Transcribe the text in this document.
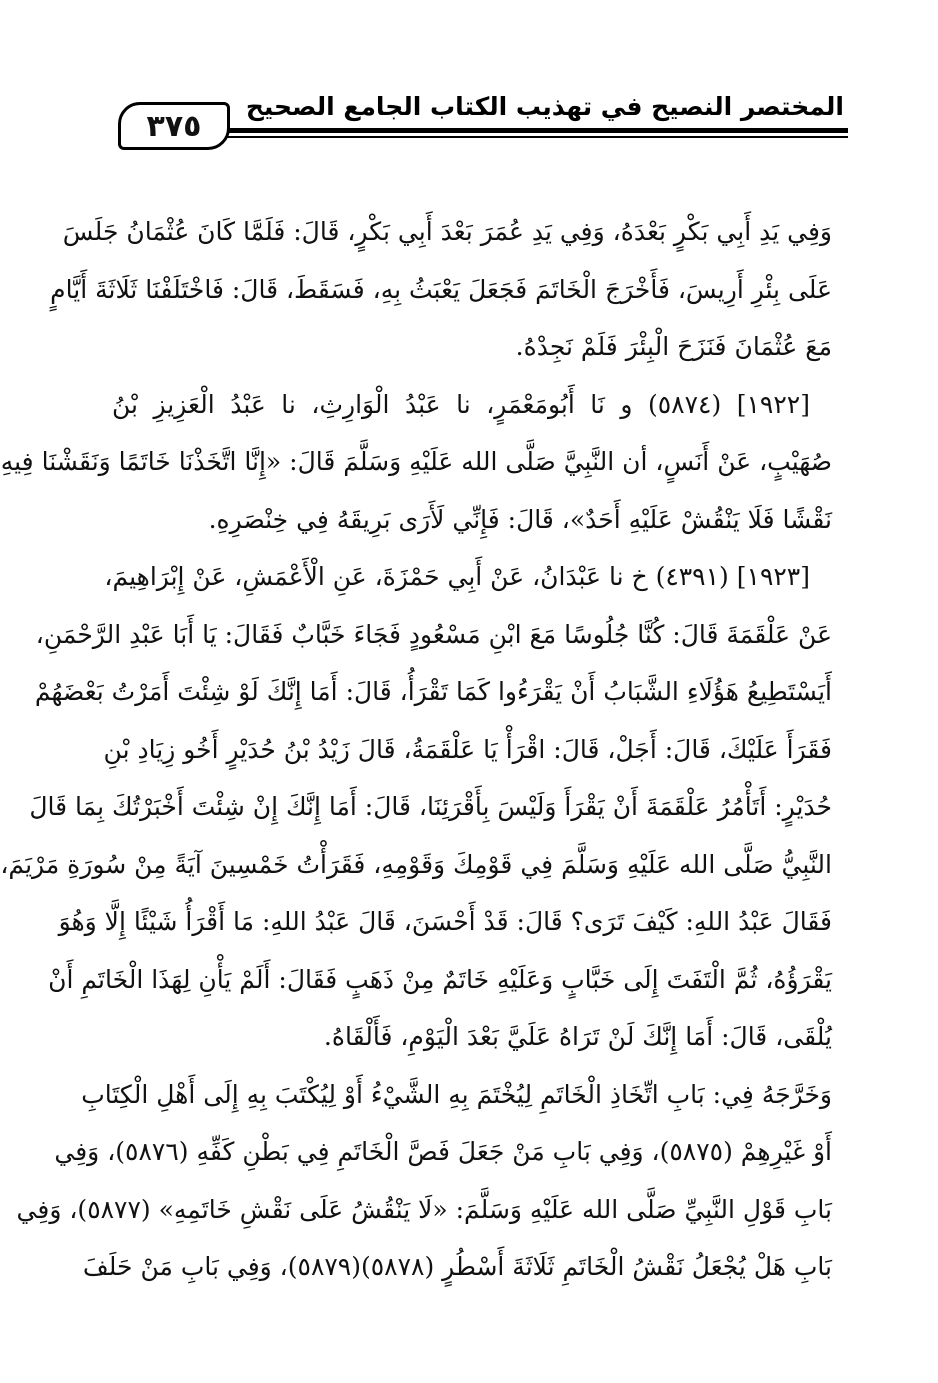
المختصر النصيح في تهذيب الكتاب الجامع الصحيح
٣٧٥
وَفِي يَدِ أَبِي بَكْرٍ بَعْدَهُ، وَفِي يَدِ عُمَرَ بَعْدَ أَبِي بَكْرٍ، قَالَ: فَلَمَّا كَانَ عُثْمَانُ جَلَسَ
عَلَى بِئْرِ أَرِيسَ، فَأَخْرَجَ الْخَاتَمَ فَجَعَلَ يَعْبَثُ بِهِ، فَسَقَطَ، قَالَ: فَاخْتَلَفْنَا ثَلَاثَةَ أَيَّامٍ
مَعَ عُثْمَانَ فَنَزَحَ الْبِئْرَ فَلَمْ نَجِدْهُ.
[١٩٢٢] (٥٨٧٤) و نَا أَبُومَعْمَرٍ، نا عَبْدُ الْوَارِثِ، نا عَبْدُ الْعَزِيزِ بْنُ
صُهَيْبٍ، عَنْ أَنَسٍ، أن النَّبِيَّ صَلَّى الله عَلَيْهِ وَسَلَّمَ قَالَ: «إِنَّا اتَّخَذْنَا خَاتَمًا وَنَقَشْنَا فِيهِ
نَقْشًا فَلَا يَنْقُشْ عَلَيْهِ أَحَدٌ»، قَالَ: فَإِنِّي لَأَرَى بَرِيقَهُ فِي خِنْصَرِهِ.
[١٩٢٣] (٤٣٩١) خ نا عَبْدَانُ، عَنْ أَبِي حَمْزَةَ، عَنِ الْأَعْمَشِ، عَنْ إِبْرَاهِيمَ،
عَنْ عَلْقَمَةَ قَالَ: كُنَّا جُلُوسًا مَعَ ابْنِ مَسْعُودٍ فَجَاءَ خَبَّابٌ فَقَالَ: يَا أَبَا عَبْدِ الرَّحْمَنِ،
أَيَسْتَطِيعُ هَؤُلَاءِ الشَّبَابُ أَنْ يَقْرَءُوا كَمَا تَقْرَأُ، قَالَ: أَمَا إِنَّكَ لَوْ شِئْتَ أَمَرْتُ بَعْضَهُمْ
فَقَرَأَ عَلَيْكَ، قَالَ: أَجَلْ، قَالَ: اقْرَأْ يَا عَلْقَمَةُ، قَالَ زَيْدُ بْنُ حُدَيْرٍ أَخُو زِيَادِ بْنِ
حُدَيْرٍ: أَتَأْمُرُ عَلْقَمَةَ أَنْ يَقْرَأَ وَلَيْسَ بِأَقْرَئِنَا، قَالَ: أَمَا إِنَّكَ إِنْ شِئْتَ أَخْبَرْتُكَ بِمَا قَالَ
النَّبِيُّ صَلَّى الله عَلَيْهِ وَسَلَّمَ فِي قَوْمِكَ وَقَوْمِهِ، فَقَرَأْتُ خَمْسِينَ آيَةً مِنْ سُورَةِ مَرْيَمَ،
فَقَالَ عَبْدُ اللهِ: كَيْفَ تَرَى؟ قَالَ: قَدْ أَحْسَنَ، قَالَ عَبْدُ اللهِ: مَا أَقْرَأُ شَيْئًا إِلَّا وَهُوَ
يَقْرَؤُهُ، ثُمَّ الْتَفَتَ إِلَى خَبَّابٍ وَعَلَيْهِ خَاتَمٌ مِنْ ذَهَبٍ فَقَالَ: أَلَمْ يَأْنِ لِهَذَا الْخَاتَمِ أَنْ
يُلْقَى، قَالَ: أَمَا إِنَّكَ لَنْ تَرَاهُ عَلَيَّ بَعْدَ الْيَوْمِ، فَأَلْقَاهُ.
وَخَرَّجَهُ فِي: بَابِ اتِّخَاذِ الْخَاتَمِ لِيُخْتَمَ بِهِ الشَّيْءُ أَوْ لِيُكْتَبَ بِهِ إِلَى أَهْلِ الْكِتَابِ
أَوْ غَيْرِهِمْ (٥٨٧٥)، وَفِي بَابِ مَنْ جَعَلَ فَصَّ الْخَاتَمِ فِي بَطْنِ كَفِّهِ (٥٨٧٦)، وَفِي
بَابِ قَوْلِ النَّبِيِّ صَلَّى الله عَلَيْهِ وَسَلَّمَ: «لَا يَنْقُشُ عَلَى نَقْشِ خَاتَمِهِ» (٥٨٧٧)، وَفِي
بَابِ هَلْ يُجْعَلُ نَقْشُ الْخَاتَمِ ثَلَاثَةَ أَسْطُرٍ (٥٨٧٨)(٥٨٧٩)، وَفِي بَابِ مَنْ حَلَفَ
